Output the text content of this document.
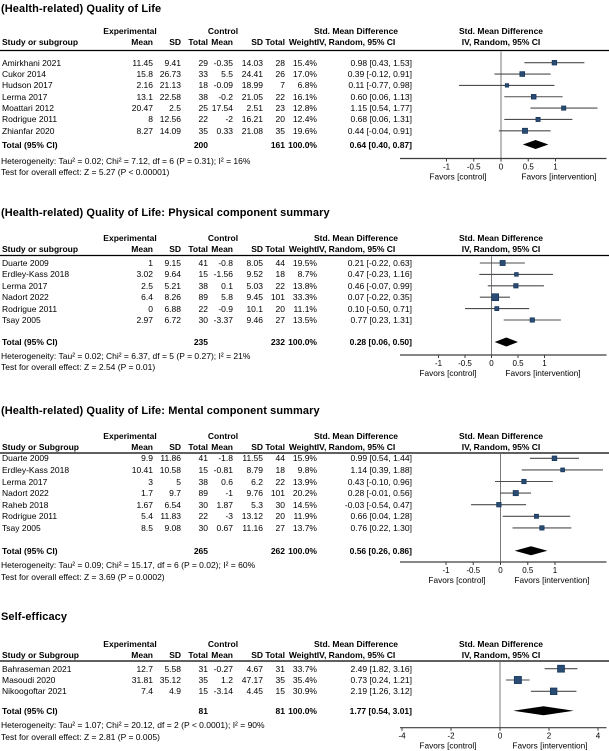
-1 -0.5 0 0.5 1
Favors [control]	Favors [intervention]
-1 -0.5 0 0.5 1
Favors [control]	Favors [intervention]
-1 -0.5 0 0.5 1
Favors [control]	Favors [intervention]
-4	-2	0	2	4
Favors [control]	Favors [intervention]
(Health-related) Quality of Life
Experimental	Control	Std. Mean Difference	Std. Mean Difference
Study or subgroup	Mean SD Total Mean SD Total Weight IV, Random, 95% CI	IV, Random, 95% CI
Amirkhani 2021	11.45 9.41 29 -0.35 14.03 28 15.4%	0.98 [0.43, 1.53]
Cukor 2014	15.8 26.73 33 5.5 24.41 26 17.0%	0.39 [-0.12, 0.91]
Hudson 2017	2.16 21.13 18 -0.09 18.99 7 6.8%	0.11 [-0.77, 0.98]
Lerma 2017	13.1 22.58 38 -0.2 21.05 22 16.1%	0.60 [0.06, 1.13]
Moattari 2012	20.47 2.5 25 17.54 2.51 23 12.8%	1.15 [0.54, 1.77]
Rodrigue 2011	8 12.56 22 -2 16.21 20 12.4%	0.68 [0.06, 1.31]
Zhianfar 2020	8.27 14.09 35 0.33 21.08 35 19.6%	0.44 [-0.04, 0.91]
Total (95% CI)	200	161 100.0%	0.64 [0.40, 0.87]
Heterogeneity: Tau² = 0.02; Chi² = 7.12, df = 6 (P = 0.31); I² = 16%
Test for overall effect: Z = 5.27 (P < 0.00001)
(Health-related) Quality of Life: Physical component summary
Experimental	Control	Std. Mean Difference	Std. Mean Difference
Study or subgroup	Mean SD Total Mean SD Total Weight IV, Random, 95% CI	IV, Random, 95% CI
Duarte 2009	1 9.15 41 -0.8 8.05 44 19.5%	0.21 [-0.22, 0.63]
Erdley-Kass 2018	3.02 9.64 15 -1.56 9.52 18 8.7%	0.47 [-0.23, 1.16]
Lerma 2017	2.5 5.21 38 0.1 5.03 22 13.8%	0.46 [-0.07, 0.99]
Nadort 2022	6.4 8.26 89 5.8 9.45 101 33.3%	0.07 [-0.22, 0.35]
Rodrigue 2011	0 6.88 22 -0.9 10.1 20 11.1%	0.10 [-0.50, 0.71]
Tsay 2005	2.97 6.72 30 -3.37 9.46 27 13.5%	0.77 [0.23, 1.31]
Total (95% CI)	235	232 100.0%	0.28 [0.06, 0.50]
Heterogeneity: Tau² = 0.02; Chi² = 6.37, df = 5 (P = 0.27); I² = 21%
Test for overall effect: Z = 2.54 (P = 0.01)
(Health-related) Quality of Life: Mental component summary
Experimental	Control	Std. Mean Difference	Std. Mean Difference
Study or Subgroup	Mean SD Total Mean SD Total Weight IV, Random, 95% CI	IV, Random, 95% CI
Duarte 2009	9.9 11.86 41 -1.8 11.55 44 15.9%	0.99 [0.54, 1.44]
Erdley-Kass 2018	10.41 10.58 15 -0.81 8.79 18 9.8%	1.14 [0.39, 1.88]
Lerma 2017	3	5 38 0.6 6.2 22 13.9%	0.43 [-0.10, 0.96]
Nadort 2022	1.7 9.7 89 -1 9.76 101 20.2%	0.28 [-0.01, 0.56]
Raheb 2018	1.67 6.54 30 1.87 5.3 30 14.5%	-0.03 [-0.54, 0.47]
Rodrigue 2011	5.4 11.83 22 -3 13.12 20 11.9%	0.66 [0.04, 1.28]
Tsay 2005	8.5 9.08 30 0.67 11.16 27 13.7%	0.76 [0.22, 1.30]
Total (95% CI)	265	262 100.0%	0.56 [0.26, 0.86]
Heterogeneity: Tau² = 0.09; Chi² = 15.17, df = 6 (P = 0.02); I² = 60%
Test for overall effect: Z = 3.69 (P = 0.0002)
Self-efficacy
Experimental	Control	Std. Mean Difference	Std. Mean Difference
Study or Subgroup	Mean SD Total Mean SD Total Weight IV, Random, 95% CI	IV, Random, 95% CI
Bahraseman 2021	12.7 5.58 31 -0.27 4.67 31 33.7%	2.49 [1.82, 3.16]
Masoudi 2020	31.81 35.12 35 1.2 47.17 35 35.4%	0.73 [0.24, 1.21]
Nikoogoftar 2021	7.4 4.9 15 -3.14 4.45 15 30.9%	2.19 [1.26, 3.12]
Total (95% CI)	81	81 100.0%	1.77 [0.54, 3.01]
Heterogeneity: Tau² = 1.07; Chi² = 20.12, df = 2 (P < 0.0001); I² = 90%
Test for overall effect: Z = 2.81 (P = 0.005)
